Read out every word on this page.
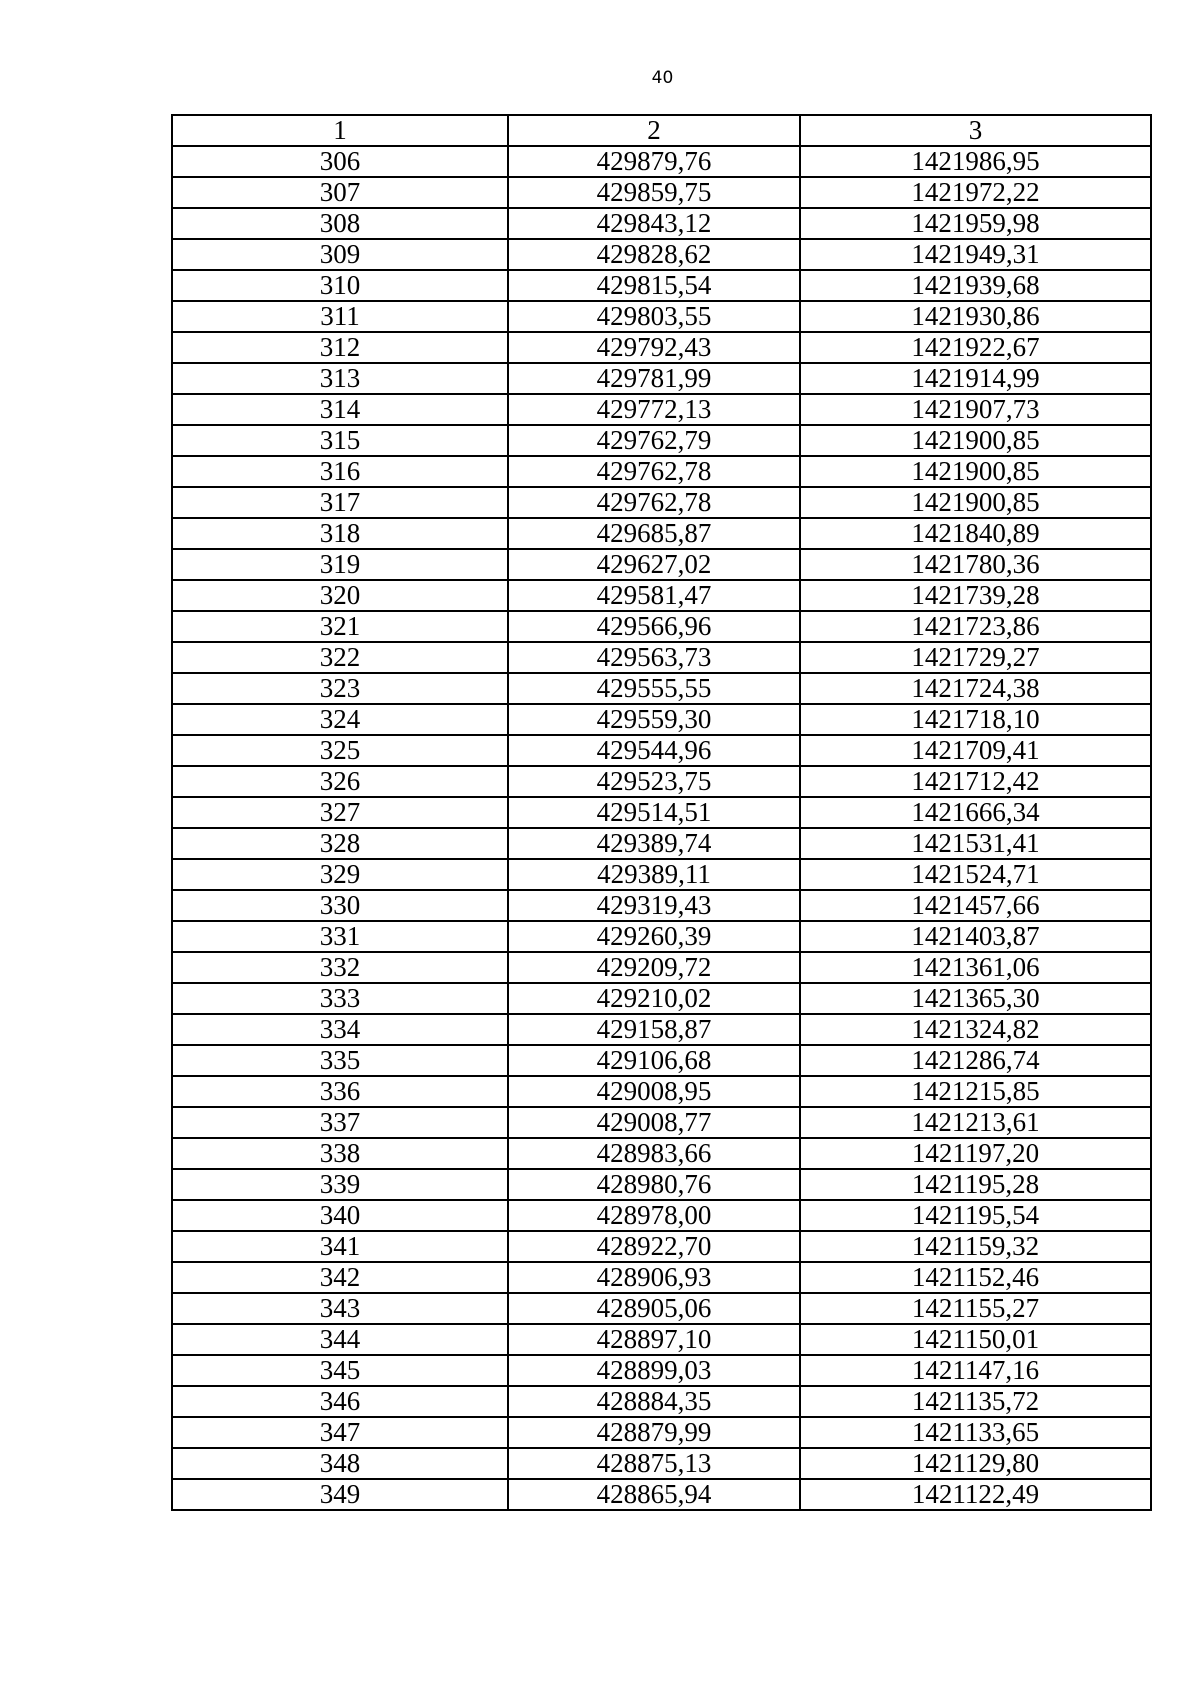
40
1	2	3
306	429879,76	1421986,95
307	429859,75	1421972,22
308	429843,12	1421959,98
309	429828,62	1421949,31
310	429815,54	1421939,68
311	429803,55	1421930,86
312	429792,43	1421922,67
313	429781,99	1421914,99
314	429772,13	1421907,73
315	429762,79	1421900,85
316	429762,78	1421900,85
317	429762,78	1421900,85
318	429685,87	1421840,89
319	429627,02	1421780,36
320	429581,47	1421739,28
321	429566,96	1421723,86
322	429563,73	1421729,27
323	429555,55	1421724,38
324	429559,30	1421718,10
325	429544,96	1421709,41
326	429523,75	1421712,42
327	429514,51	1421666,34
328	429389,74	1421531,41
329	429389,11	1421524,71
330	429319,43	1421457,66
331	429260,39	1421403,87
332	429209,72	1421361,06
333	429210,02	1421365,30
334	429158,87	1421324,82
335	429106,68	1421286,74
336	429008,95	1421215,85
337	429008,77	1421213,61
338	428983,66	1421197,20
339	428980,76	1421195,28
340	428978,00	1421195,54
341	428922,70	1421159,32
342	428906,93	1421152,46
343	428905,06	1421155,27
344	428897,10	1421150,01
345	428899,03	1421147,16
346	428884,35	1421135,72
347	428879,99	1421133,65
348	428875,13	1421129,80
349	428865,94	1421122,49
